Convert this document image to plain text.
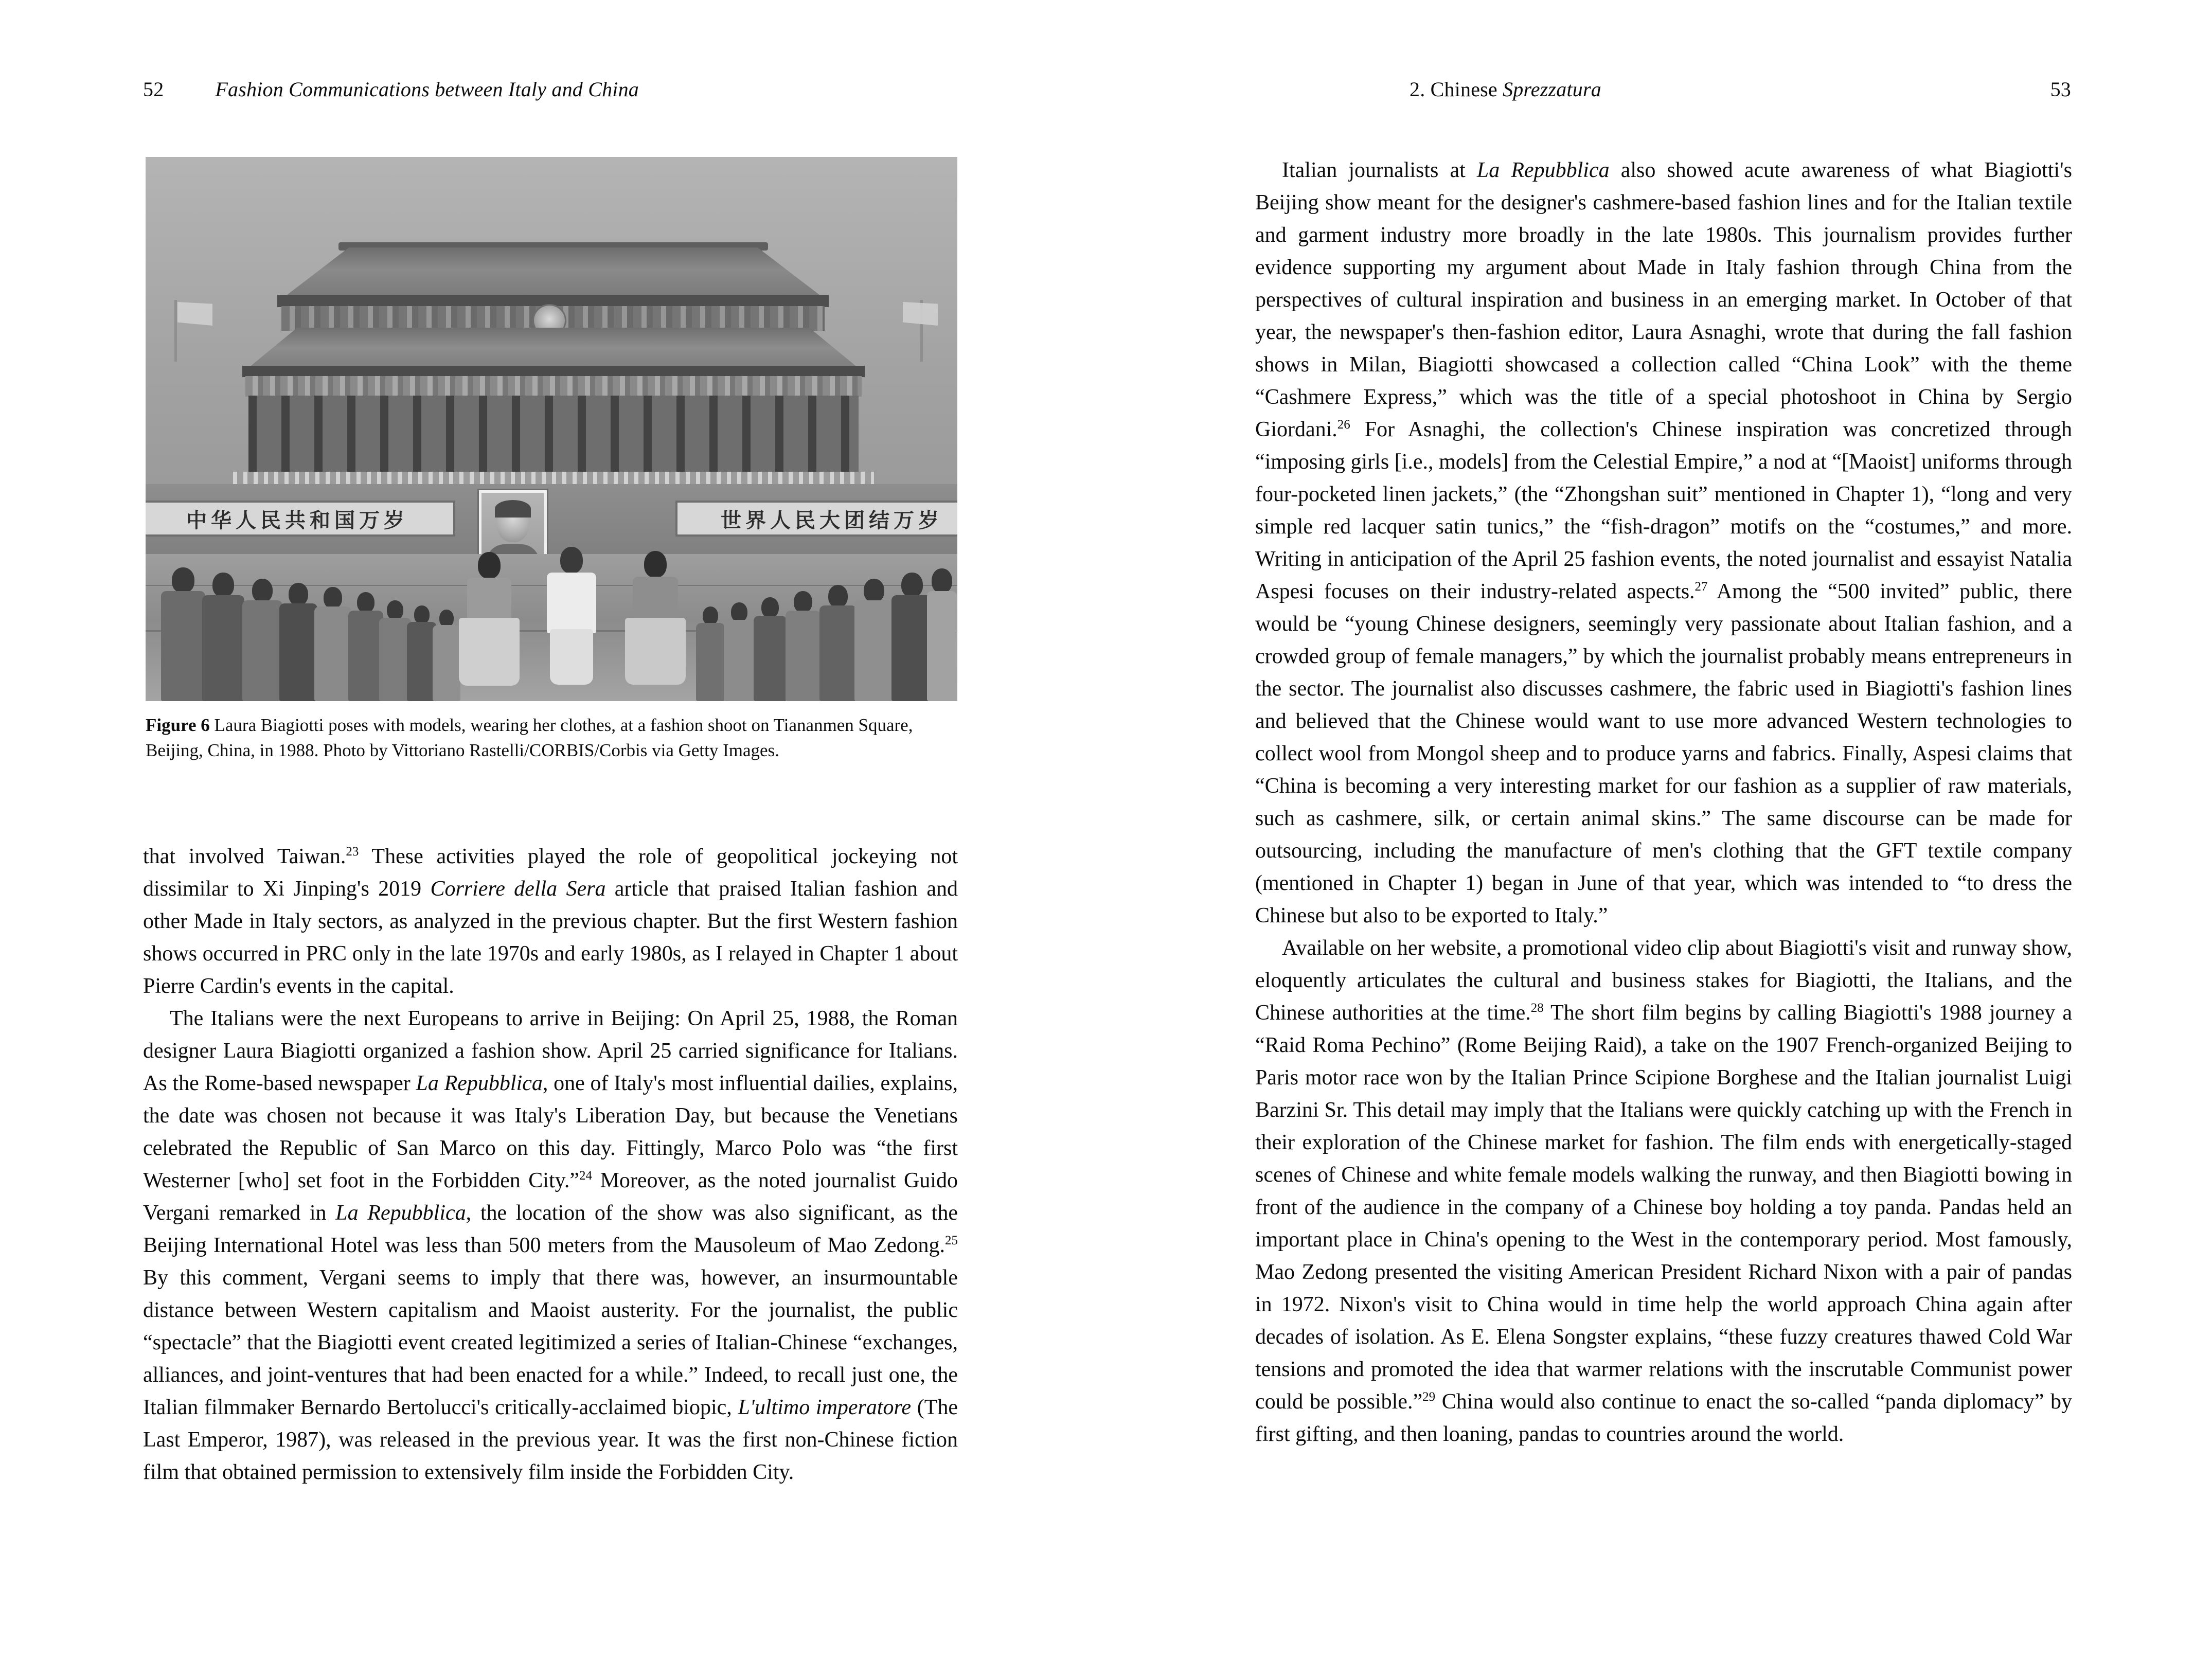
52	Fashion Communications between Italy and China
中华人民共和国万岁	世界人民大团结万岁
Figure 6 Laura Biagiotti poses with models, wearing her clothes, at a fashion shoot on Tiananmen Square, Beijing, China, in 1988. Photo by Vittoriano Rastelli/CORBIS/Corbis via Getty Images.

that involved Taiwan.$^{23}$ These activities played the role of geopolitical jockeying not dissimilar to Xi Jinping's 2019 Corriere della Sera article that praised Italian fashion and other Made in Italy sectors, as analyzed in the previous chapter. But the first Western fashion shows occurred in PRC only in the late 1970s and early 1980s, as I relayed in Chapter 1 about Pierre Cardin's events in the capital.

The Italians were the next Europeans to arrive in Beijing: On April 25, 1988, the Roman designer Laura Biagiotti organized a fashion show. April 25 carried significance for Italians. As the Rome-based newspaper La Repubblica, one of Italy's most influential dailies, explains, the date was chosen not because it was Italy's Liberation Day, but because the Venetians celebrated the Republic of San Marco on this day. Fittingly, Marco Polo was “the first Westerner [who] set foot in the Forbidden City.”$^{24}$ Moreover, as the noted journalist Guido Vergani remarked in La Repubblica, the location of the show was also significant, as the Beijing International Hotel was less than 500 meters from the Mausoleum of Mao Zedong.$^{25}$ By this comment, Vergani seems to imply that there was, however, an insurmountable distance between Western capitalism and Maoist austerity. For the journalist, the public “spectacle” that the Biagiotti event created legitimized a series of Italian-Chinese “exchanges, alliances, and joint-ventures that had been enacted for a while.” Indeed, to recall just one, the Italian filmmaker Bernardo Bertolucci's critically-acclaimed biopic, L'ultimo imperatore (The Last Emperor, 1987), was released in the previous year. It was the first non-Chinese fiction film that obtained permission to extensively film inside the Forbidden City.

2. Chinese Sprezzatura	53

Italian journalists at La Repubblica also showed acute awareness of what Biagiotti's Beijing show meant for the designer's cashmere-based fashion lines and for the Italian textile and garment industry more broadly in the late 1980s. This journalism provides further evidence supporting my argument about Made in Italy fashion through China from the perspectives of cultural inspiration and business in an emerging market. In October of that year, the newspaper's then-fashion editor, Laura Asnaghi, wrote that during the fall fashion shows in Milan, Biagiotti showcased a collection called “China Look” with the theme “Cashmere Express,” which was the title of a special photoshoot in China by Sergio Giordani.$^{26}$ For Asnaghi, the collection's Chinese inspiration was concretized through “imposing girls [i.e., models] from the Celestial Empire,” a nod at “[Maoist] uniforms through four-pocketed linen jackets,” (the “Zhongshan suit” mentioned in Chapter 1), “long and very simple red lacquer satin tunics,” the “fish-dragon” motifs on the “costumes,” and more. Writing in anticipation of the April 25 fashion events, the noted journalist and essayist Natalia Aspesi focuses on their industry-related aspects.$^{27}$ Among the “500 invited” public, there would be “young Chinese designers, seemingly very passionate about Italian fashion, and a crowded group of female managers,” by which the journalist probably means entrepreneurs in the sector. The journalist also discusses cashmere, the fabric used in Biagiotti's fashion lines and believed that the Chinese would want to use more advanced Western technologies to collect wool from Mongol sheep and to produce yarns and fabrics. Finally, Aspesi claims that “China is becoming a very interesting market for our fashion as a supplier of raw materials, such as cashmere, silk, or certain animal skins.” The same discourse can be made for outsourcing, including the manufacture of men's clothing that the GFT textile company (mentioned in Chapter 1) began in June of that year, which was intended to “to dress the Chinese but also to be exported to Italy.”

Available on her website, a promotional video clip about Biagiotti's visit and runway show, eloquently articulates the cultural and business stakes for Biagiotti, the Italians, and the Chinese authorities at the time.$^{28}$ The short film begins by calling Biagiotti's 1988 journey a “Raid Roma Pechino” (Rome Beijing Raid), a take on the 1907 French-organized Beijing to Paris motor race won by the Italian Prince Scipione Borghese and the Italian journalist Luigi Barzini Sr. This detail may imply that the Italians were quickly catching up with the French in their exploration of the Chinese market for fashion. The film ends with energetically-staged scenes of Chinese and white female models walking the runway, and then Biagiotti bowing in front of the audience in the company of a Chinese boy holding a toy panda. Pandas held an important place in China's opening to the West in the contemporary period. Most famously, Mao Zedong presented the visiting American President Richard Nixon with a pair of pandas in 1972. Nixon's visit to China would in time help the world approach China again after decades of isolation. As E. Elena Songster explains, “these fuzzy creatures thawed Cold War tensions and promoted the idea that warmer relations with the inscrutable Communist power could be possible.”$^{29}$ China would also continue to enact the so-called “panda diplomacy” by first gifting, and then loaning, pandas to countries around the world.
